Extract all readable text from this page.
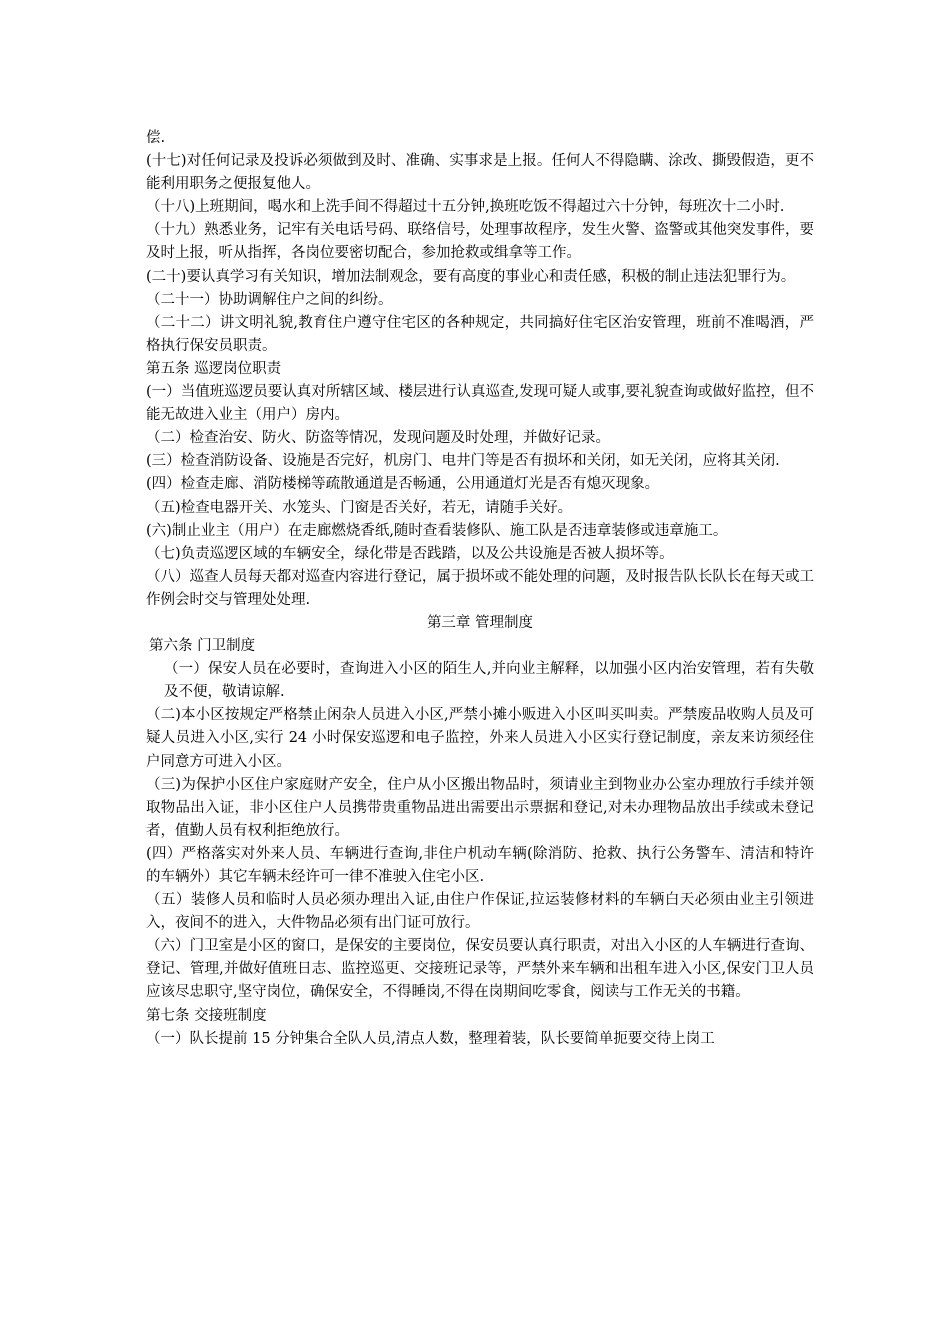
偿.

(十七)对任何记录及投诉必须做到及时、准确、实事求是上报。任何人不得隐瞒、涂改、撕毁假造，更不能利用职务之便报复他人。

（十八)上班期间，喝水和上洗手间不得超过十五分钟,换班吃饭不得超过六十分钟，每班次十二小时.

（十九）熟悉业务，记牢有关电话号码、联络信号，处理事故程序，发生火警、盗警或其他突发事件，要及时上报，听从指挥，各岗位要密切配合，参加抢救或缉拿等工作。

(二十)要认真学习有关知识，增加法制观念，要有高度的事业心和责任感，积极的制止违法犯罪行为。

（二十一）协助调解住户之间的纠纷。

（二十二）讲文明礼貌,教育住户遵守住宅区的各种规定，共同搞好住宅区治安管理，班前不准喝酒，严格执行保安员职责。

第五条 巡逻岗位职责

(一）当值班巡逻员要认真对所辖区域、楼层进行认真巡查,发现可疑人或事,要礼貌查询或做好监控，但不能无故进入业主（用户）房内。

（二）检查治安、防火、防盗等情况，发现问题及时处理，并做好记录。

(三）检查消防设备、设施是否完好，机房门、电井门等是否有损坏和关闭，如无关闭，应将其关闭.

(四）检查走廊、消防楼梯等疏散通道是否畅通，公用通道灯光是否有熄灭现象。

（五)检查电器开关、水笼头、门窗是否关好，若无，请随手关好。

(六)制止业主（用户）在走廊燃烧香纸,随时查看装修队、施工队是否违章装修或违章施工。

（七)负责巡逻区域的车辆安全，绿化带是否践踏，以及公共设施是否被人损坏等。

（八）巡查人员每天都对巡查内容进行登记，属于损坏或不能处理的问题，及时报告队长队长在每天或工作例会时交与管理处处理.

第三章 管理制度

第六条 门卫制度

（一）保安人员在必要时，查询进入小区的陌生人,并向业主解释，以加强小区内治安管理，若有失敬及不便，敬请谅解.

（二)本小区按规定严格禁止闲杂人员进入小区,严禁小摊小贩进入小区叫买叫卖。严禁废品收购人员及可疑人员进入小区,实行 24 小时保安巡逻和电子监控，外来人员进入小区实行登记制度，亲友来访须经住户同意方可进入小区。

（三)为保护小区住户家庭财产安全，住户从小区搬出物品时，须请业主到物业办公室办理放行手续并领取物品出入证，非小区住户人员携带贵重物品进出需要出示票据和登记,对未办理物品放出手续或未登记者，值勤人员有权利拒绝放行。

(四）严格落实对外来人员、车辆进行查询,非住户机动车辆(除消防、抢救、执行公务警车、清洁和特许的车辆外）其它车辆未经许可一律不准驶入住宅小区.

（五）装修人员和临时人员必须办理出入证,由住户作保证,拉运装修材料的车辆白天必须由业主引领进入，夜间不的进入，大件物品必须有出门证可放行。

（六）门卫室是小区的窗口，是保安的主要岗位，保安员要认真行职责，对出入小区的人车辆进行查询、登记、管理,并做好值班日志、监控巡更、交接班记录等，严禁外来车辆和出租车进入小区,保安门卫人员应该尽忠职守,坚守岗位，确保安全，不得睡岗,不得在岗期间吃零食，阅读与工作无关的书籍。

第七条 交接班制度

（一）队长提前 15 分钟集合全队人员,清点人数，整理着装，队长要简单扼要交待上岗工
